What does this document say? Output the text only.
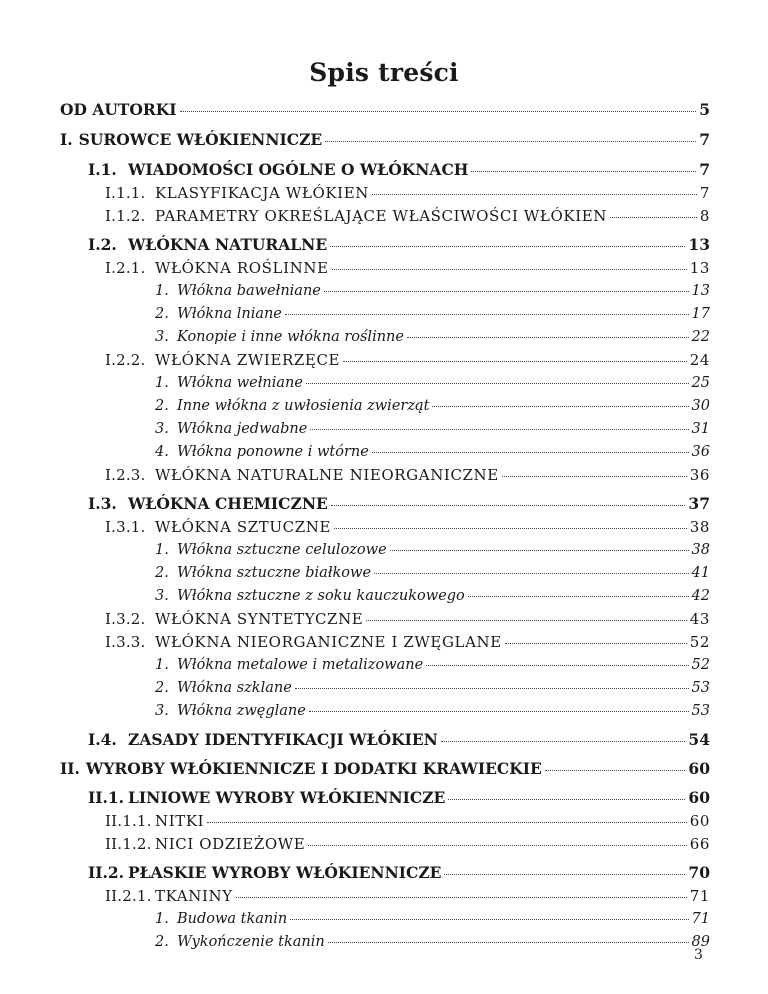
Spis treści
OD AUTORKI	5
I. SUROWCE WŁÓKIENNICZE	7
I.1. WIADOMOŚCI OGÓLNE O WŁÓKNACH	7
I.1.1. KLASYFIKACJA WŁÓKIEN	7
I.1.2. PARAMETRY OKREŚLAJĄCE WŁAŚCIWOŚCI WŁÓKIEN	8
I.2. WŁÓKNA NATURALNE	13
I.2.1. WŁÓKNA ROŚLINNE	13
1. Włókna bawełniane	13
2. Włókna lniane	17
3. Konopie i inne włókna roślinne	22
I.2.2. WŁÓKNA ZWIERZĘCE	24
1. Włókna wełniane	25
2. Inne włókna z uwłosienia zwierząt	30
3. Włókna jedwabne	31
4. Włókna ponowne i wtórne	36
I.2.3. WŁÓKNA NATURALNE NIEORGANICZNE	36
I.3. WŁÓKNA CHEMICZNE	37
I.3.1. WŁÓKNA SZTUCZNE	38
1. Włókna sztuczne celulozowe	38
2. Włókna sztuczne białkowe	41
3. Włókna sztuczne z soku kauczukowego	42
I.3.2. WŁÓKNA SYNTETYCZNE	43
I.3.3. WŁÓKNA NIEORGANICZNE I ZWĘGLANE	52
1. Włókna metalowe i metalizowane	52
2. Włókna szklane	53
3. Włókna zwęglane	53
I.4. ZASADY IDENTYFIKACJI WŁÓKIEN	54
II. WYROBY WŁÓKIENNICZE I DODATKI KRAWIECKIE	60
II.1. LINIOWE WYROBY WŁÓKIENNICZE	60
II.1.1. NITKI	60
II.1.2. NICI ODZIEŻOWE	66
II.2. PŁASKIE WYROBY WŁÓKIENNICZE	70
II.2.1. TKANINY	71
1. Budowa tkanin	71
2. Wykończenie tkanin	89
3
